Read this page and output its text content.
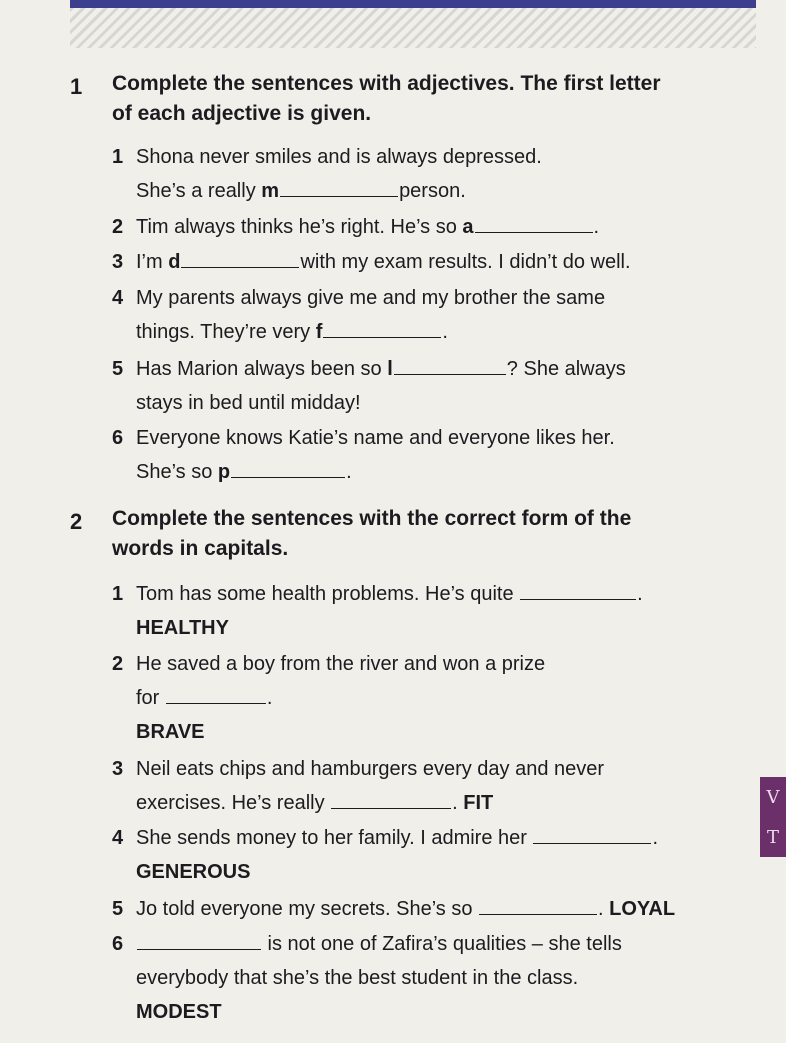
V
T
1 Complete the sentences with adjectives. The first letter
of each adjective is given.
1 Shona never smiles and is always depressed.
She’s a really m	person.
2 Tim always thinks he’s right. He’s so a	.
3 I’m d	with my exam results. I didn’t do well.
4 My parents always give me and my brother the same
things. They’re very f	.
5 Has Marion always been so l	? She always
stays in bed until midday!
6 Everyone knows Katie’s name and everyone likes her.
She’s so p	.
2 Complete the sentences with the correct form of the
words in capitals.
1 Tom has some health problems. He’s quite	.
HEALTHY
2 He saved a boy from the river and won a prize
for	.
BRAVE
3 Neil eats chips and hamburgers every day and never
exercises. He’s really	. FIT
4 She sends money to her family. I admire her	.
GENEROUS
5 Jo told everyone my secrets. She’s so	. LOYAL
6	is not one of Zafira’s qualities – she tells
everybody that she’s the best student in the class.
MODEST
